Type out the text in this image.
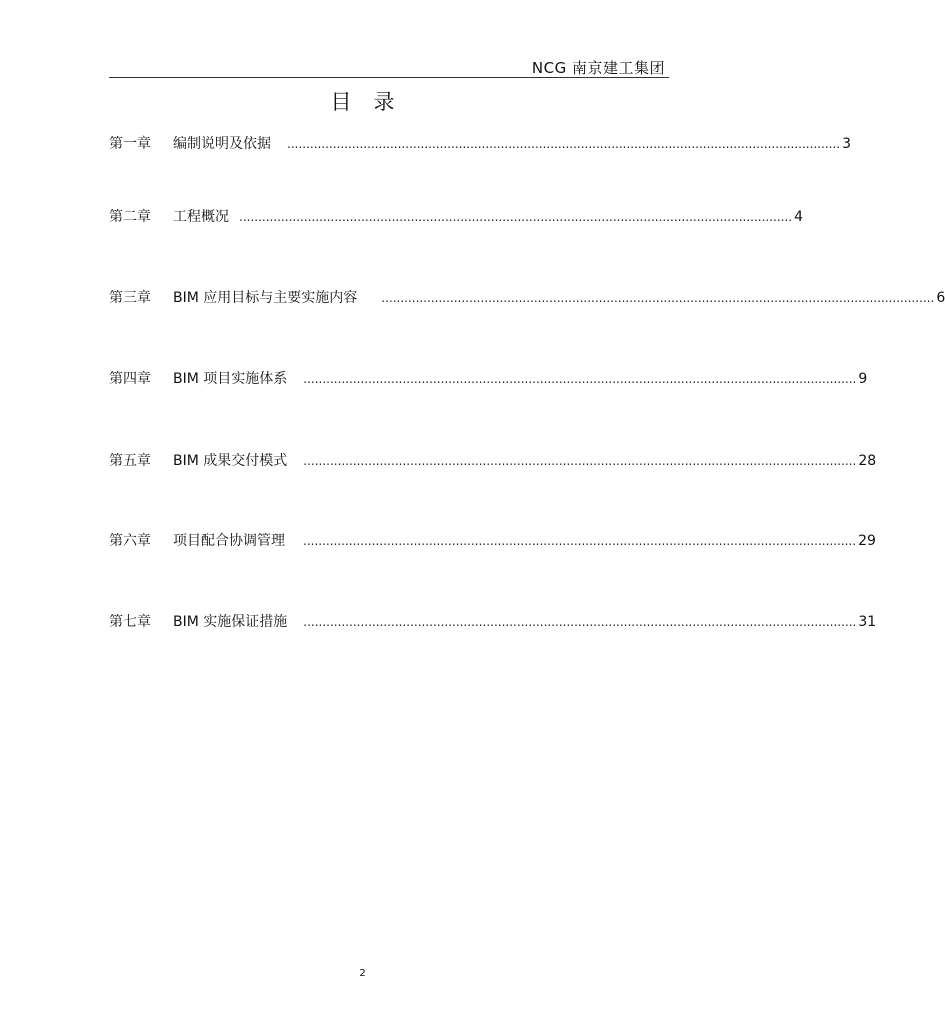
NCG 南京建工集团
目录
第一章	编制说明及依据 ................................................................................................................................................. 3
第二章	工程概况 ................................................................................................................................................. 4
第三章	BIM 应用目标与主要实施内容 ................................................................................................................................................. 6
第四章	BIM 项目实施体系 ................................................................................................................................................. 9
第五章	BIM 成果交付模式 ................................................................................................................................................. 28
第六章	项目配合协调管理 ................................................................................................................................................. 29
第七章	BIM 实施保证措施 ................................................................................................................................................. 31
2
